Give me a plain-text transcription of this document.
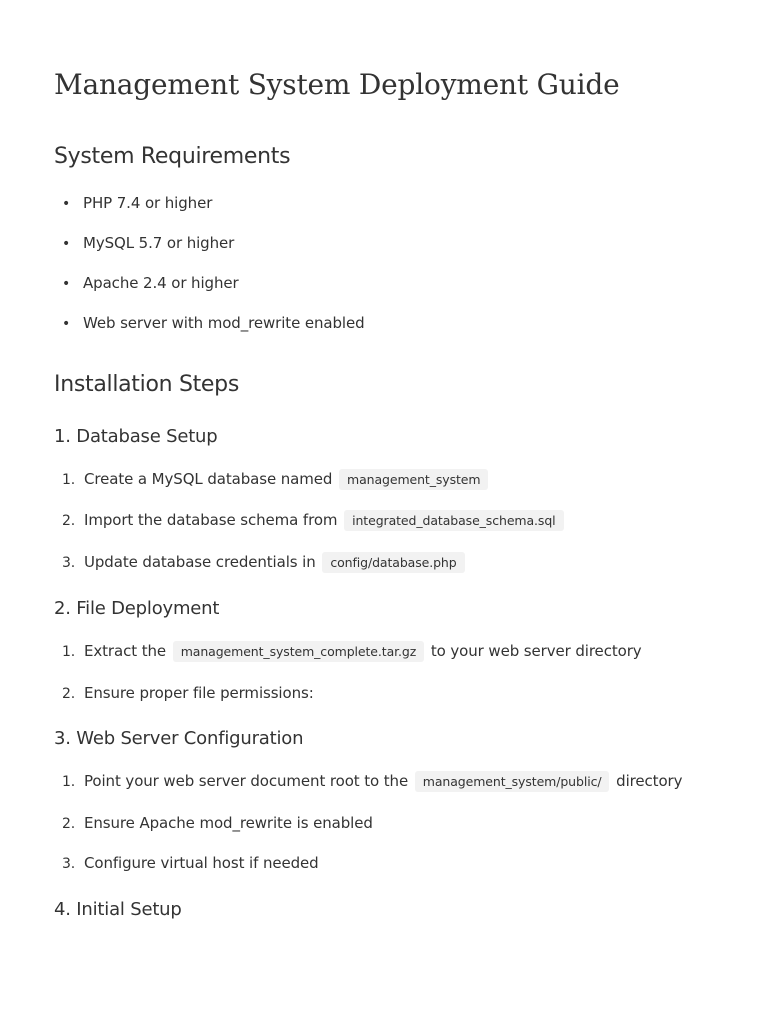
Management System Deployment Guide
System Requirements
• PHP 7.4 or higher
• MySQL 5.7 or higher
• Apache 2.4 or higher
• Web server with mod_rewrite enabled
Installation Steps
1. Database Setup
1. Create a MySQL database named management_system
2. Import the database schema from integrated_database_schema.sql
3. Update database credentials in config/database.php
2. File Deployment
1. Extract the management_system_complete.tar.gz to your web server directory
2. Ensure proper file permissions:
3. Web Server Configuration
1. Point your web server document root to the management_system/public/ directory
2. Ensure Apache mod_rewrite is enabled
3. Configure virtual host if needed
4. Initial Setup
